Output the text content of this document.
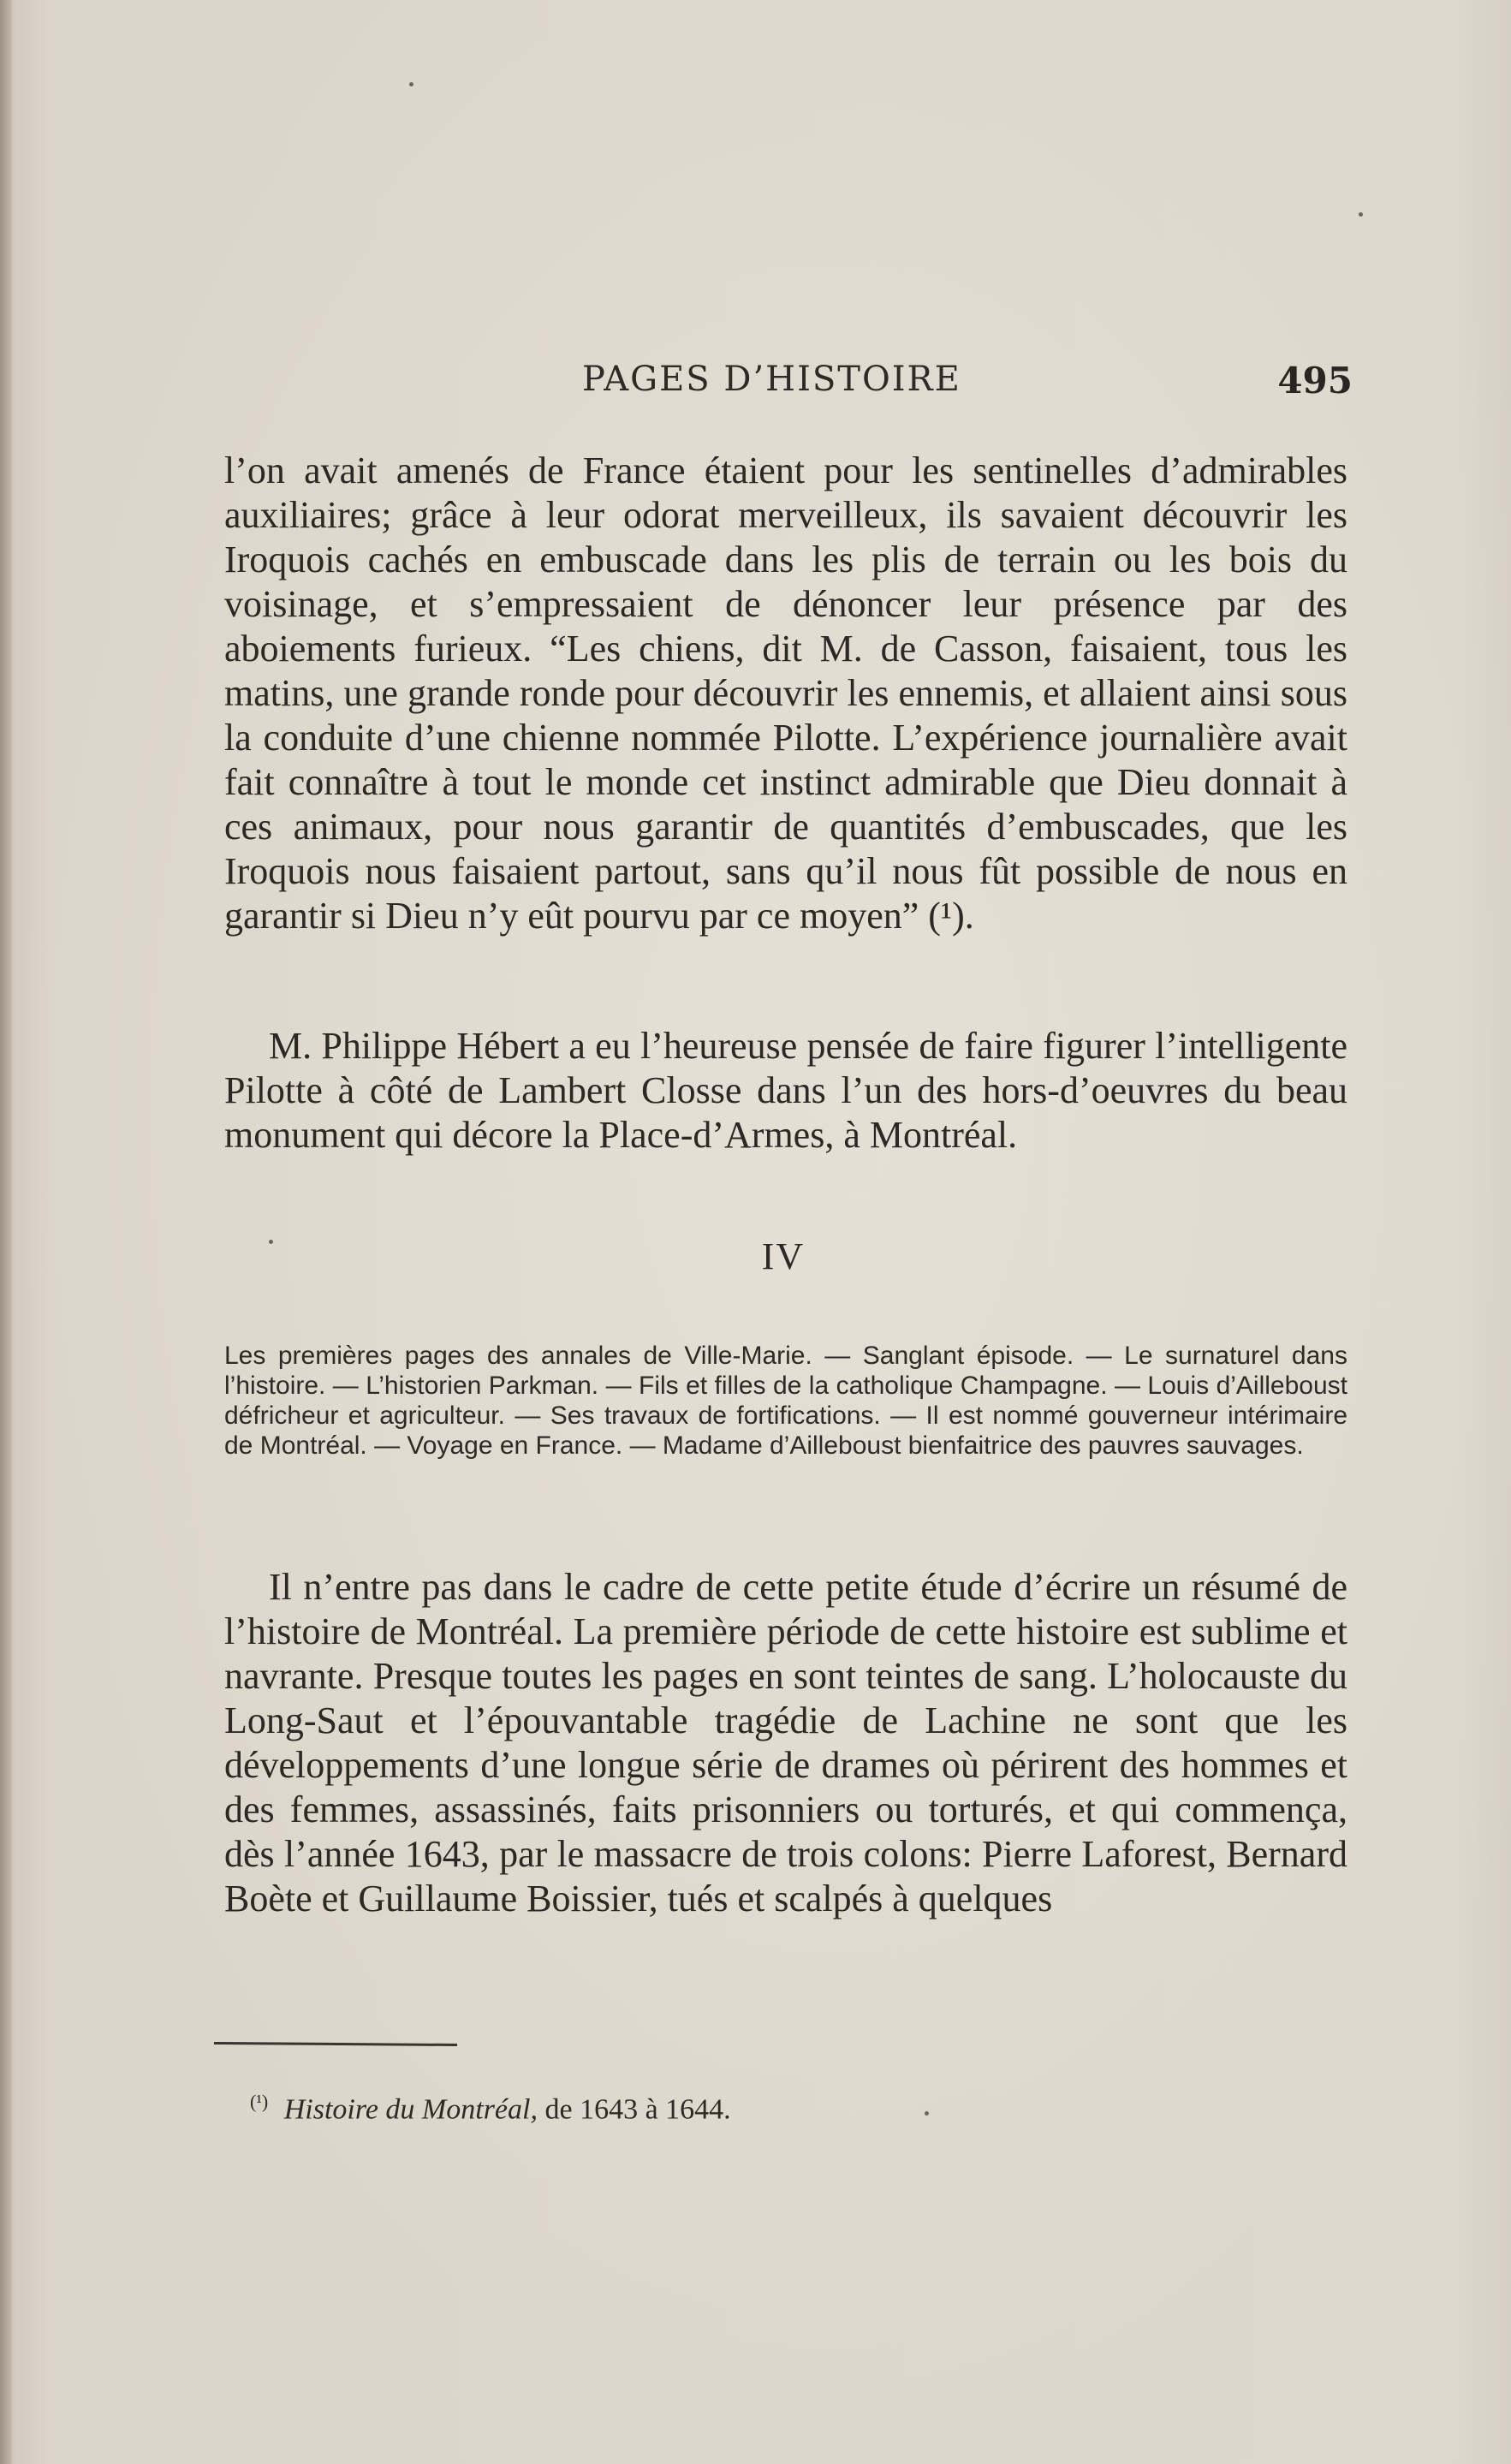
PAGES D’HISTOIRE	495

l’on avait amenés de France étaient pour les sentinelles d’admirables auxiliaires; grâce à leur odorat merveilleux, ils savaient découvrir les Iroquois cachés en embuscade dans les plis de terrain ou les bois du voisinage, et s’empressaient de dénoncer leur présence par des aboiements furieux. “Les chiens, dit M. de Casson, faisaient, tous les matins, une grande ronde pour découvrir les ennemis, et allaient ainsi sous la conduite d’une chienne nommée Pilotte. L’expérience journalière avait fait connaître à tout le monde cet instinct admirable que Dieu donnait à ces animaux, pour nous garantir de quantités d’embuscades, que les Iroquois nous faisaient partout, sans qu’il nous fût possible de nous en garantir si Dieu n’y eût pourvu par ce moyen” (¹).

M. Philippe Hébert a eu l’heureuse pensée de faire figurer l’intelligente Pilotte à côté de Lambert Closse dans l’un des hors-d’oeuvres du beau monument qui décore la Place-d’Armes, à Montréal.

IV
Les premières pages des annales de Ville-Marie. — Sanglant épisode. — Le surnaturel dans l’histoire. — L’historien Parkman. — Fils et filles de la catholique Champagne. — Louis d’Ailleboust défricheur et agriculteur. — Ses travaux de fortifications. — Il est nommé gouverneur intérimaire de Montréal. — Voyage en France. — Madame d’Ailleboust bienfaitrice des pauvres sauvages.

Il n’entre pas dans le cadre de cette petite étude d’écrire un résumé de l’histoire de Montréal. La première période de cette histoire est sublime et navrante. Presque toutes les pages en sont teintes de sang. L’holocauste du Long-Saut et l’épouvantable tragédie de Lachine ne sont que les développements d’une longue série de drames où périrent des hommes et des femmes, assassinés, faits prisonniers ou torturés, et qui commença, dès l’année 1643, par le massacre de trois colons: Pierre Laforest, Bernard Boète et Guillaume Boissier, tués et scalpés à quelques

$^{(^1)}$ Histoire du Montréal, de 1643 à 1644.
